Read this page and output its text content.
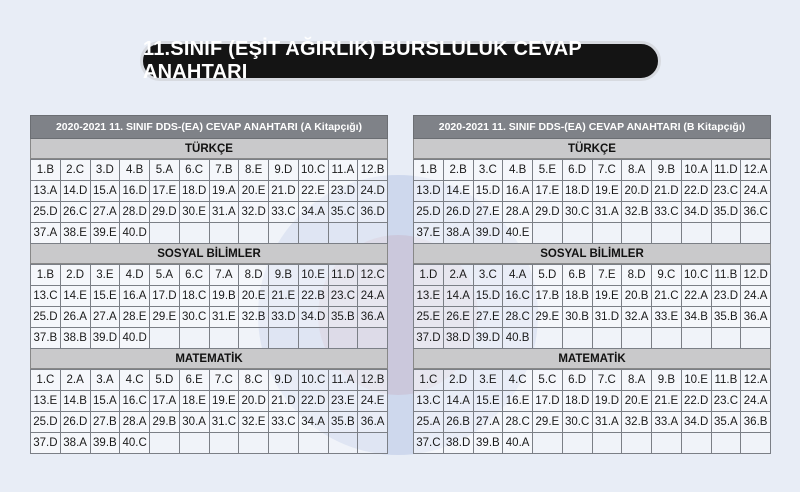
11.SINIF (EŞİT AĞIRLIK) BURSLULUK CEVAP ANAHTARI
2020-2021 11. SINIF DDS-(EA) CEVAP ANAHTARI (A Kitapçığı)
TÜRKÇE
1.B	2.C	3.D	4.B	5.A	6.C	7.B	8.E	9.D	10.C	11.A	12.B
13.A	14.D	15.A	16.D	17.E	18.D	19.A	20.E	21.D	22.E	23.D	24.D
25.D	26.C	27.A	28.D	29.D	30.E	31.A	32.D	33.C	34.A	35.C	36.D
37.A	38.E	39.E	40.D								
SOSYAL BİLİMLER
1.B	2.D	3.E	4.D	5.A	6.C	7.A	8.D	9.B	10.E	11.D	12.C
13.C	14.E	15.E	16.A	17.D	18.C	19.B	20.E	21.E	22.B	23.C	24.A
25.D	26.A	27.A	28.E	29.E	30.C	31.E	32.B	33.D	34.D	35.B	36.A
37.B	38.B	39.D	40.D								
MATEMATİK
1.C	2.A	3.A	4.C	5.D	6.E	7.C	8.C	9.D	10.C	11.A	12.B
13.E	14.B	15.A	16.C	17.A	18.E	19.E	20.D	21.D	22.D	23.E	24.E
25.D	26.D	27.B	28.A	29.B	30.A	31.C	32.E	33.C	34.A	35.B	36.A
37.D	38.A	39.B	40.C								
2020-2021 11. SINIF DDS-(EA) CEVAP ANAHTARI (B Kitapçığı)
TÜRKÇE
1.B	2.B	3.C	4.B	5.E	6.D	7.C	8.A	9.B	10.A	11.D	12.A
13.D	14.E	15.D	16.A	17.E	18.D	19.E	20.D	21.D	22.D	23.C	24.A
25.D	26.D	27.E	28.A	29.D	30.C	31.A	32.B	33.C	34.D	35.D	36.C
37.E	38.A	39.D	40.E								
SOSYAL BİLİMLER
1.D	2.A	3.C	4.A	5.D	6.B	7.E	8.D	9.C	10.C	11.B	12.D
13.E	14.A	15.D	16.C	17.B	18.B	19.E	20.B	21.C	22.A	23.D	24.A
25.E	26.E	27.E	28.C	29.E	30.B	31.D	32.A	33.E	34.B	35.B	36.A
37.D	38.D	39.D	40.B								
MATEMATİK
1.C	2.D	3.E	4.C	5.C	6.D	7.C	8.A	9.B	10.E	11.B	12.A
13.C	14.A	15.E	16.E	17.D	18.D	19.D	20.E	21.E	22.D	23.C	24.A
25.A	26.B	27.A	28.C	29.E	30.C	31.A	32.B	33.A	34.D	35.A	36.B
37.C	38.D	39.B	40.A								
